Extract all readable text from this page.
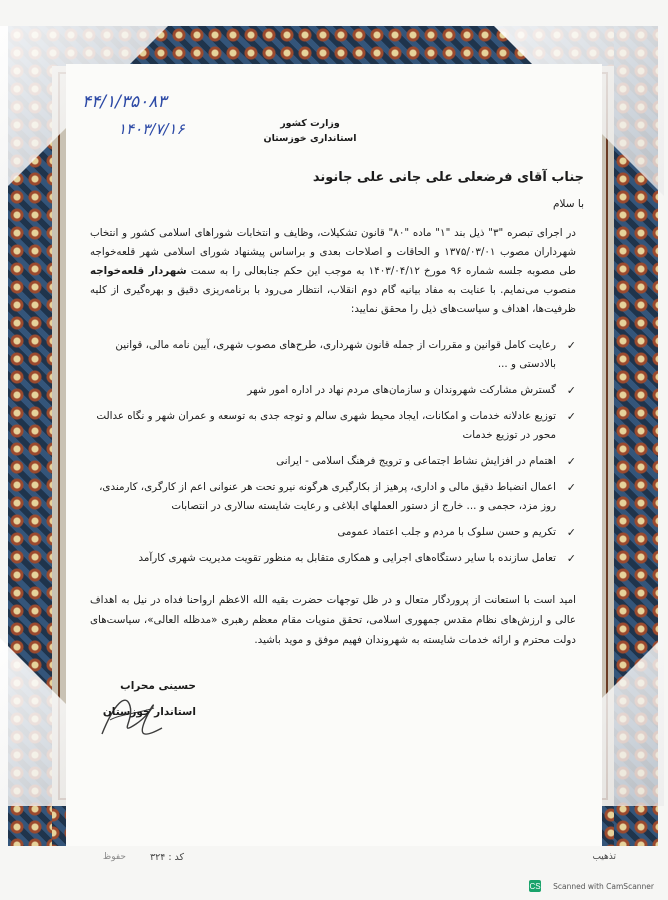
۴۴/۱/۳۵۰۸۳
۱۴۰۳/۷/۱۶	وزارت کشور
استانداری خوزستان
جناب آقای فرضعلی علی جانی علی جانوند
با سلام
در اجرای تبصره "۳" ذیل بند "۱" ماده "۸۰" قانون تشکیلات، وظایف و انتخابات شوراهای اسلامی کشور و انتخاب شهرداران مصوب ۱۳۷۵/۰۳/۰۱ و الحاقات و اصلاحات بعدی و براساس پیشنهاد شورای اسلامی شهر قلعه‌خواجه طی مصوبه جلسه شماره ۹۶ مورخ ۱۴۰۳/۰۴/۱۲ به موجب این حکم جنابعالی را به سمت شهردار قلعه‌خواجه منصوب می‌نمایم. با عنایت به مفاد بیانیه گام دوم انقلاب، انتظار می‌رود با برنامه‌ریزی دقیق و بهره‌گیری از کلیه ظرفیت‌ها، اهداف و سیاست‌های ذیل را محقق نمایید:
✓
رعایت کامل قوانین و مقررات از جمله قانون شهرداری، طرح‌های مصوب شهری، آیین نامه مالی، قوانین بالادستی و ...
✓
گسترش مشارکت شهروندان و سازمان‌های مردم نهاد در اداره امور شهر
✓
توزیع عادلانه خدمات و امکانات، ایجاد محیط شهری سالم و توجه جدی به توسعه و عمران شهر و نگاه عدالت محور در توزیع خدمات
✓
اهتمام در افزایش نشاط اجتماعی و ترویج فرهنگ اسلامی - ایرانی
✓
اعمال انضباط دقیق مالی و اداری، پرهیز از بکارگیری هرگونه نیرو تحت هر عنوانی اعم از کارگری، کارمندی، روز مزد، حجمی و ... خارج از دستور العملهای ابلاغی و رعایت شایسته سالاری در انتصابات
✓
تکریم و حسن سلوک با مردم و جلب اعتماد عمومی
✓
تعامل سازنده با سایر دستگاه‌های اجرایی و همکاری متقابل به منظور تقویت مدیریت شهری کارآمد
امید است با استعانت از پروردگار متعال و در ظل توجهات حضرت بقیه الله الاعظم ارواحنا فداه در نیل به اهداف عالی و ارزش‌های نظام مقدس جمهوری اسلامی، تحقق منویات مقام معظم رهبری «مدظله العالی»، سیاست‌های دولت محترم و ارائه خدمات شایسته به شهروندان فهیم موفق و موید باشید.
حسینی محراب
استاندار خوزستان
حفوظ	کد : ۳۲۴	تذهیب
CS Scanned with CamScanner
